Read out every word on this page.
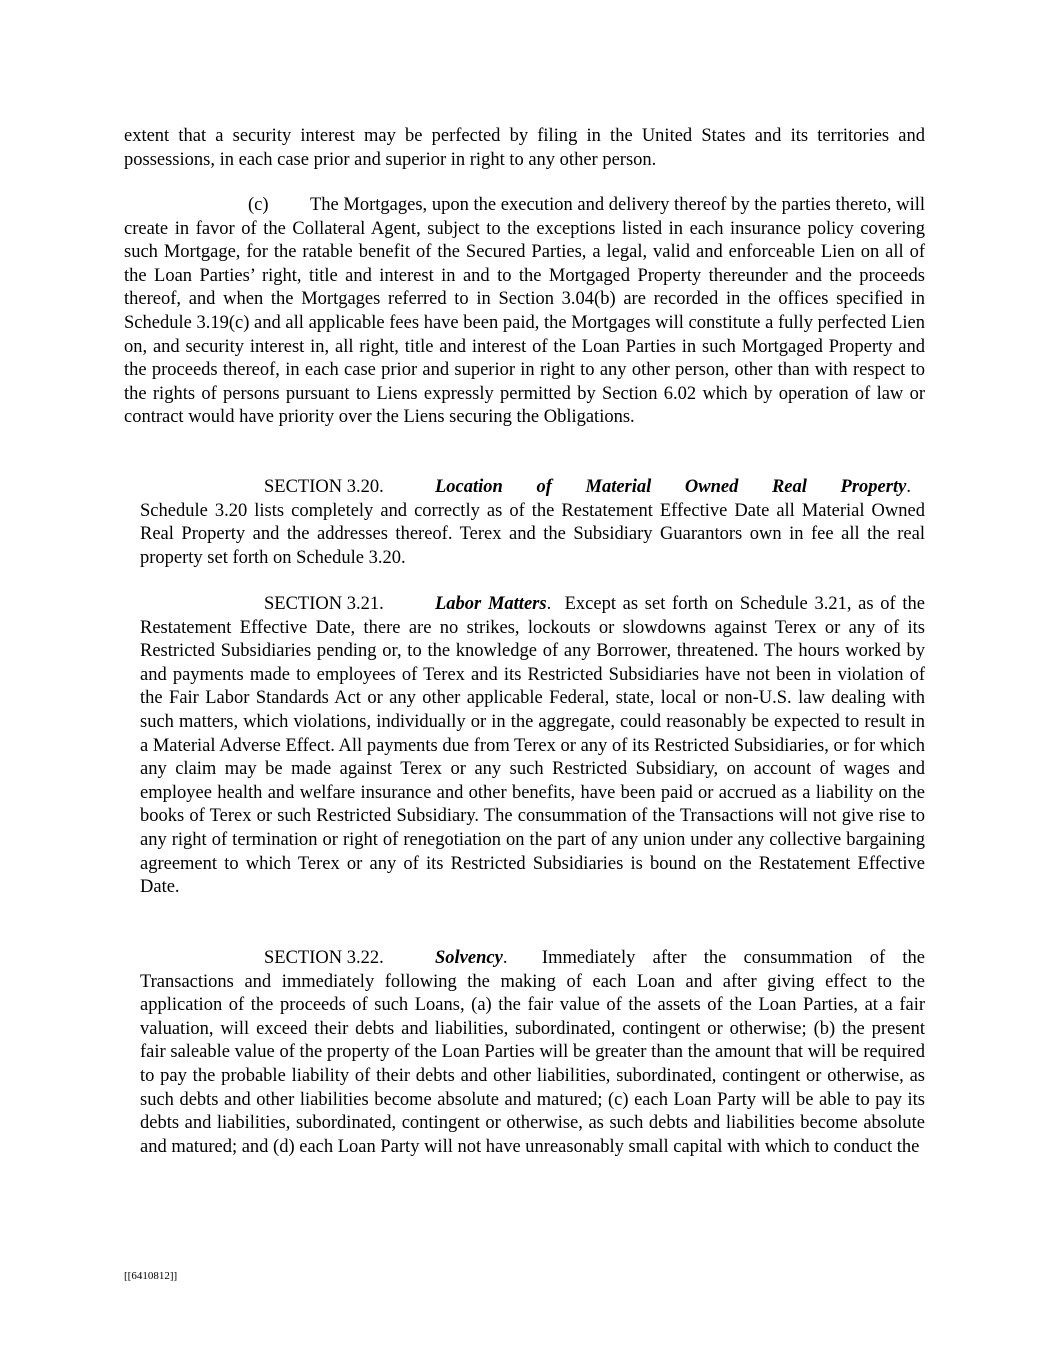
extent that a security interest may be perfected by filing in the United States and its territories and possessions, in each case prior and superior in right to any other person.

(c) The Mortgages, upon the execution and delivery thereof by the parties thereto, will create in favor of the Collateral Agent, subject to the exceptions listed in each insurance policy covering such Mortgage, for the ratable benefit of the Secured Parties, a legal, valid and enforceable Lien on all of the Loan Parties’ right, title and interest in and to the Mortgaged Property thereunder and the proceeds thereof, and when the Mortgages referred to in Section 3.04(b) are recorded in the offices specified in Schedule 3.19(c) and all applicable fees have been paid, the Mortgages will constitute a fully perfected Lien on, and security interest in, all right, title and interest of the Loan Parties in such Mortgaged Property and the proceeds thereof, in each case prior and superior in right to any other person, other than with respect to the rights of persons pursuant to Liens expressly permitted by Section 6.02 which by operation of law or contract would have priority over the Liens securing the Obligations.

SECTION 3.20.	Location of Material Owned Real Property.
Schedule 3.20 lists completely and correctly as of the Restatement Effective Date all Material Owned Real Property and the addresses thereof. Terex and the Subsidiary Guarantors own in fee all the real property set forth on Schedule 3.20.

SECTION 3.21.	Labor Matters.  Except as set forth on Schedule 3.21, as of the Restatement Effective Date, there are no strikes, lockouts or slowdowns against Terex or any of its Restricted Subsidiaries pending or, to the knowledge of any Borrower, threatened. The hours worked by and payments made to employees of Terex and its Restricted Subsidiaries have not been in violation of the Fair Labor Standards Act or any other applicable Federal, state, local or non-U.S. law dealing with such matters, which violations, individually or in the aggregate, could reasonably be expected to result in a Material Adverse Effect. All payments due from Terex or any of its Restricted Subsidiaries, or for which any claim may be made against Terex or any such Restricted Subsidiary, on account of wages and employee health and welfare insurance and other benefits, have been paid or accrued as a liability on the books of Terex or such Restricted Subsidiary. The consummation of the Transactions will not give rise to any right of termination or right of renegotiation on the part of any union under any collective bargaining agreement to which Terex or any of its Restricted Subsidiaries is bound on the Restatement Effective Date.

SECTION 3.22.	Solvency.  Immediately after the consummation of the Transactions and immediately following the making of each Loan and after giving effect to the application of the proceeds of such Loans, (a) the fair value of the assets of the Loan Parties, at a fair valuation, will exceed their debts and liabilities, subordinated, contingent or otherwise; (b) the present fair saleable value of the property of the Loan Parties will be greater than the amount that will be required to pay the probable liability of their debts and other liabilities, subordinated, contingent or otherwise, as such debts and other liabilities become absolute and matured; (c) each Loan Party will be able to pay its debts and liabilities, subordinated, contingent or otherwise, as such debts and liabilities become absolute and matured; and (d) each Loan Party will not have unreasonably small capital with which to conduct the

[[6410812]]
